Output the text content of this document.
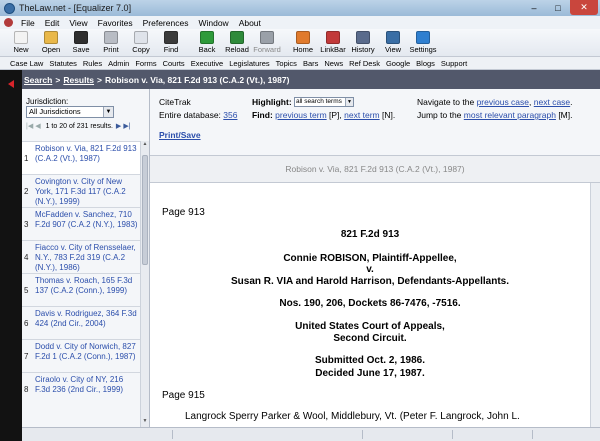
TheLaw.net - [Equalizer 7.0]	–	□	✕
File Edit View Favorites Preferences Window About
New Open Save Print Copy Find	Back Reload Forward Home LinkBar History View Settings
Case Law Statutes Rules Admin Forms Courts Executive Legislatures Topics Bars News Ref Desk Google Blogs Support
Search > Results > Robison v. Via, 821 F.2d 913 (C.A.2 (Vt.), 1987)
Jurisdiction:
All Jurisdictions	▼
|◀ ◀ 1 to 20 of 231 results. ▶ ▶|
1
Robison v. Via, 821 F.2d 913 (C.A.2 (Vt.), 1987)
2
Covington v. City of New York, 171 F.3d 117 (C.A.2 (N.Y.), 1999)
3
McFadden v. Sanchez, 710 F.2d 907 (C.A.2 (N.Y.), 1983)
4
Fiacco v. City of Rensselaer, N.Y., 783 F.2d 319 (C.A.2 (N.Y.), 1986)
5
Thomas v. Roach, 165 F.3d 137 (C.A.2 (Conn.), 1999)
6
Davis v. Rodriguez, 364 F.3d 424 (2nd Cir., 2004)
7
Dodd v. City of Norwich, 827 F.2d 1 (C.A.2 (Conn.), 1987)
8
Ciraolo v. City of NY, 216 F.3d 236 (2nd Cir., 1999)
▲
▼
CiteTrak
Entire database: 356
Print/Save
Highlight: all search terms	▼
Find: previous term [P], next term [N].
Navigate to the previous case, next case.
Jump to the most relevant paragraph [M].
Robison v. Via, 821 F.2d 913 (C.A.2 (Vt.), 1987)
Page 913
821 F.2d 913
Connie ROBISON, Plaintiff-Appellee,
v.
Susan R. VIA and Harold Harrison, Defendants-Appellants.
Nos. 190, 206, Dockets 86-7476, -7516.
United States Court of Appeals,
Second Circuit.
Submitted Oct. 2, 1986.
Decided June 17, 1987.
Page 915
Langrock Sperry Parker & Wool, Middlebury, Vt. (Peter F. Langrock, John L.
